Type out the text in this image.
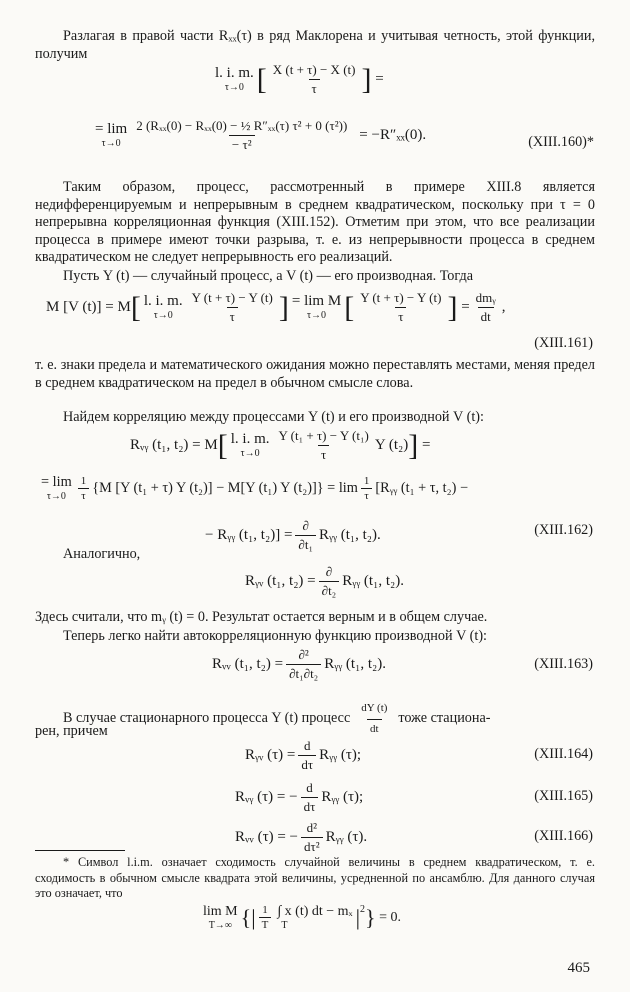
Разлагая в правой части Rₓₓ(τ) в ряд Маклорена и учитывая четность, этой функции, получим

l. i. m.
τ→0 [ $\frac{X (t + \tau) - X (t)}{\tau}$ ] =
= lim
τ→0
2 (Rₓₓ(0) − Rₓₓ(0) − ½ R″ₓₓ(τ) τ² + 0 (τ²))
− τ²
= −R″ₓₓ(0).	(XIII.160)*

Таким образом, процесс, рассмотренный в примере XIII.8 является недифференцируемым и непрерывным в среднем квадратическом, поскольку при τ = 0 непрерывна корреляционная функция (XIII.152). Отметим при этом, что все реализации процесса в примере имеют точки разрыва, т. е. из непрерывности процесса в среднем квадратическом не следует непрерывность его реализаций.

Пусть Y (t) — случайный процесс, а V (t) — его производная. Тогда

M [V (t)] = M [ l. i. m.
$\tau\to 0 \frac{Y (t + \tau) - Y (t)}{\tau}$ ] = lim M
τ→0 [ $\frac{Y (t + \tau) - Y (t)}{\tau}$ ] =
dmᵧ
dt
,
(XIII.161)

т. е. знаки предела и математического ожидания можно переставлять местами, меняя предел в среднем квадратическом на предел в обычном смысле слова.

Найдем корреляцию между процессами Y (t) и его производной V (t):

Rᵥᵧ (t₁, t₂) = M [ l. i. m.
$\tau\to 0 \frac{\text{Y (t₁ + τ) − Y (t₁)}}{\tau}$ Y (t₂) ] =
= lim
$\tau\to 0 \frac{1}{\tau} \{M$ [Y (t₁ + τ) Y (t₂)] − M[Y (t₁) Y $(t_2)]\} = \lim \frac{1}{\tau}$ [Rᵧᵧ (t₁ + τ, t₂) −
− Rᵧᵧ (t₁, t₂)] =
∂
∂t₁
Rᵧᵧ (t₁, t₂).	(XIII.162)

Аналогично,

Rᵧᵥ (t₁, t₂) =
∂
∂t₂
Rᵧᵧ (t₁, t₂).

Здесь считали, что mᵧ (t) = 0. Результат остается верным и в общем случае.

Теперь легко найти автокорреляционную функцию производной V (t):

Rᵥᵥ (t₁, t₂) =
∂²
∂t₁∂t₂
Rᵧᵧ (t₁, t₂).	(XIII.163)
В случае стационарного процесса Y (t) процесс $\frac{dY (t)}{dt}$ тоже стациона-

рен, причем

Rᵧᵥ $(\tau) = \frac{d}{d\tau}$ Rᵧᵧ (τ);	(XIII.164)
Rᵥᵧ (τ) = − $\frac{d}{d\tau}$ Rᵧᵧ (τ);	(XIII.165)
Rᵥᵥ (τ) = − $\frac{\text{d²}}{\text{dτ²}}$ Rᵧᵧ (τ).	(XIII.166)

* Символ l.i.m. означает сходимость случайной величины в среднем квадратическом, т. е. сходимость в обычном смысле квадрата этой величины, усредненной по ансамблю. Для данного случая это означает, что

lim M
T→∞ { | $\frac{1}{T}$ ∫ x (t) dt − mₓ
T	$|^2$ }
= 0.
465
